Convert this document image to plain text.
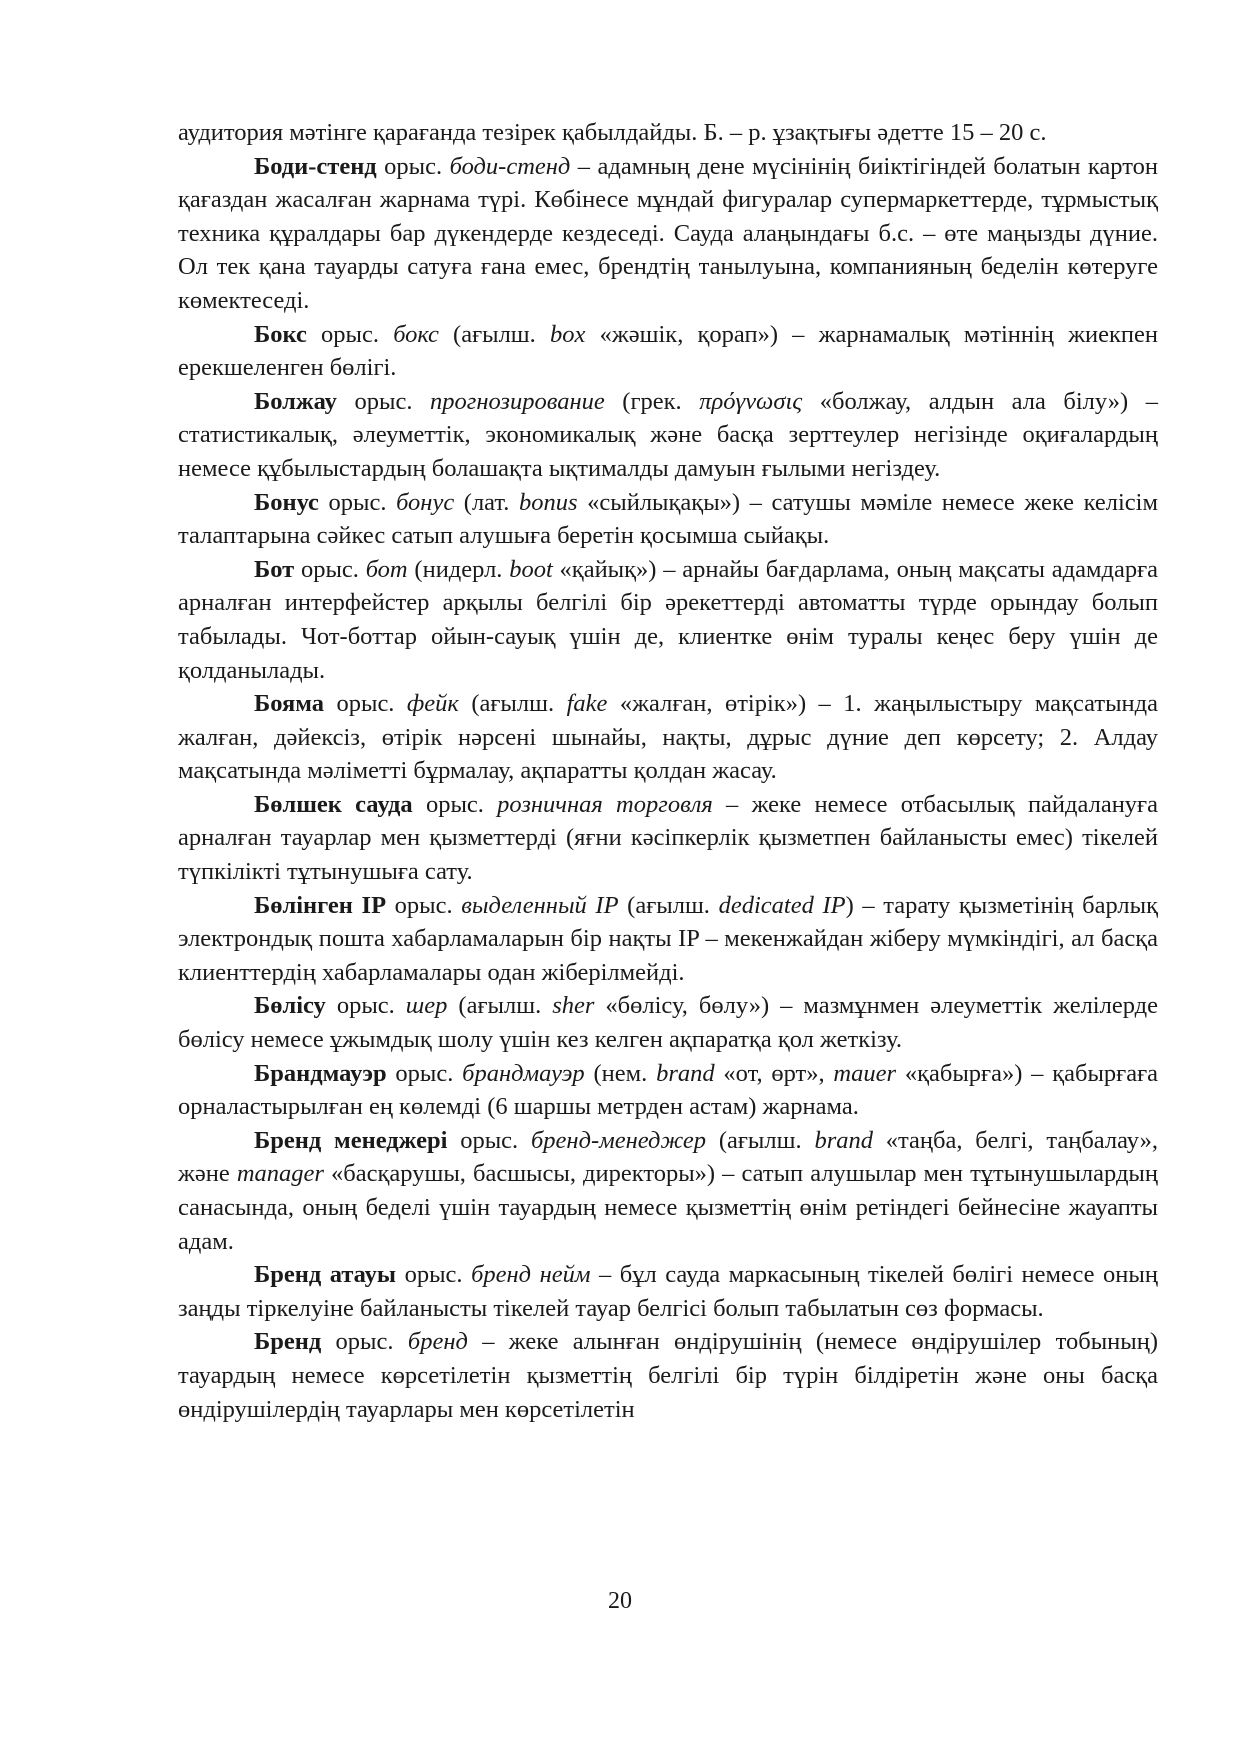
аудитория мәтінге қарағанда тезірек қабылдайды. Б. – р. ұзақтығы әдетте 15 – 20 с.

Боди-стенд орыс. боди-стенд – адамның дене мүсінінің биіктігіндей болатын картон қағаздан жасалған жарнама түрі. Көбінесе мұндай фигуралар супермаркеттерде, тұрмыстық техника құралдары бар дүкендерде кездеседі. Сауда алаңындағы б.с. – өте маңызды дүние. Ол тек қана тауарды сатуға ғана емес, брендтің танылуына, компанияның беделін көтеруге көмектеседі.

Бокс орыс. бокс (ағылш. box «жәшік, қорап») – жарнамалық мәтіннің жиекпен ерекшеленген бөлігі.

Болжау орыс. прогнозирование (грек. πρόγνωσις «болжау, алдын ала білу») – статистикалық, әлеуметтік, экономикалық және басқа зерттеулер негізінде оқиғалардың немесе құбылыстардың болашақта ықтималды дамуын ғылыми негіздеу.

Бонус орыс. бонус (лат. bonus «сыйлықақы») – сатушы мәміле немесе жеке келісім талаптарына сәйкес сатып алушыға беретін қосымша сыйақы.

Бот орыс. бот (нидерл. boot «қайық») – арнайы бағдарлама, оның мақсаты адамдарға арналған интерфейстер арқылы белгілі бір әрекеттерді автоматты түрде орындау болып табылады. Чот-боттар ойын-сауық үшін де, клиентке өнім туралы кеңес беру үшін де қолданылады.

Бояма орыс. фейк (ағылш. fake «жалған, өтірік») – 1. жаңылыстыру мақсатында жалған, дәйексіз, өтірік нәрсені шынайы, нақты, дұрыс дүние деп көрсету; 2. Алдау мақсатында мәліметті бұрмалау, ақпаратты қолдан жасау.

Бөлшек сауда орыс. розничная торговля – жеке немесе отбасылық пайдалануға арналған тауарлар мен қызметтерді (яғни кәсіпкерлік қызметпен байланысты емес) тікелей түпкілікті тұтынушыға сату.

Бөлінген IP орыс. выделенный IP (ағылш. dedicated IP) – тарату қызметінің барлық электрондық пошта хабарламаларын бір нақты IP – мекенжайдан жіберу мүмкіндігі, ал басқа клиенттердің хабарламалары одан жіберілмейді.

Бөлісу орыс. шер (ағылш. sher «бөлісу, бөлу») – мазмұнмен әлеуметтік желілерде бөлісу немесе ұжымдық шолу үшін кез келген ақпаратқа қол жеткізу.

Брандмауэр орыс. брандмауэр (нем. brand «от, өрт», mauer «қабырға») – қабырғаға орналастырылған ең көлемді (6 шаршы метрден астам) жарнама.

Бренд менеджері орыс. бренд-менеджер (ағылш. brand «таңба, белгі, таңбалау», және manager «басқарушы, басшысы, директоры») – сатып алушылар мен тұтынушылардың санасында, оның беделі үшін тауардың немесе қызметтің өнім ретіндегі бейнесіне жауапты адам.

Бренд атауы орыс. бренд нейм – бұл сауда маркасының тікелей бөлігі немесе оның заңды тіркелуіне байланысты тікелей тауар белгісі болып табылатын сөз формасы.

Бренд орыс. бренд – жеке алынған өндірушінің (немесе өндірушілер тобының) тауардың немесе көрсетілетін қызметтің белгілі бір түрін білдіретін және оны басқа өндірушілердің тауарлары мен көрсетілетін

20
